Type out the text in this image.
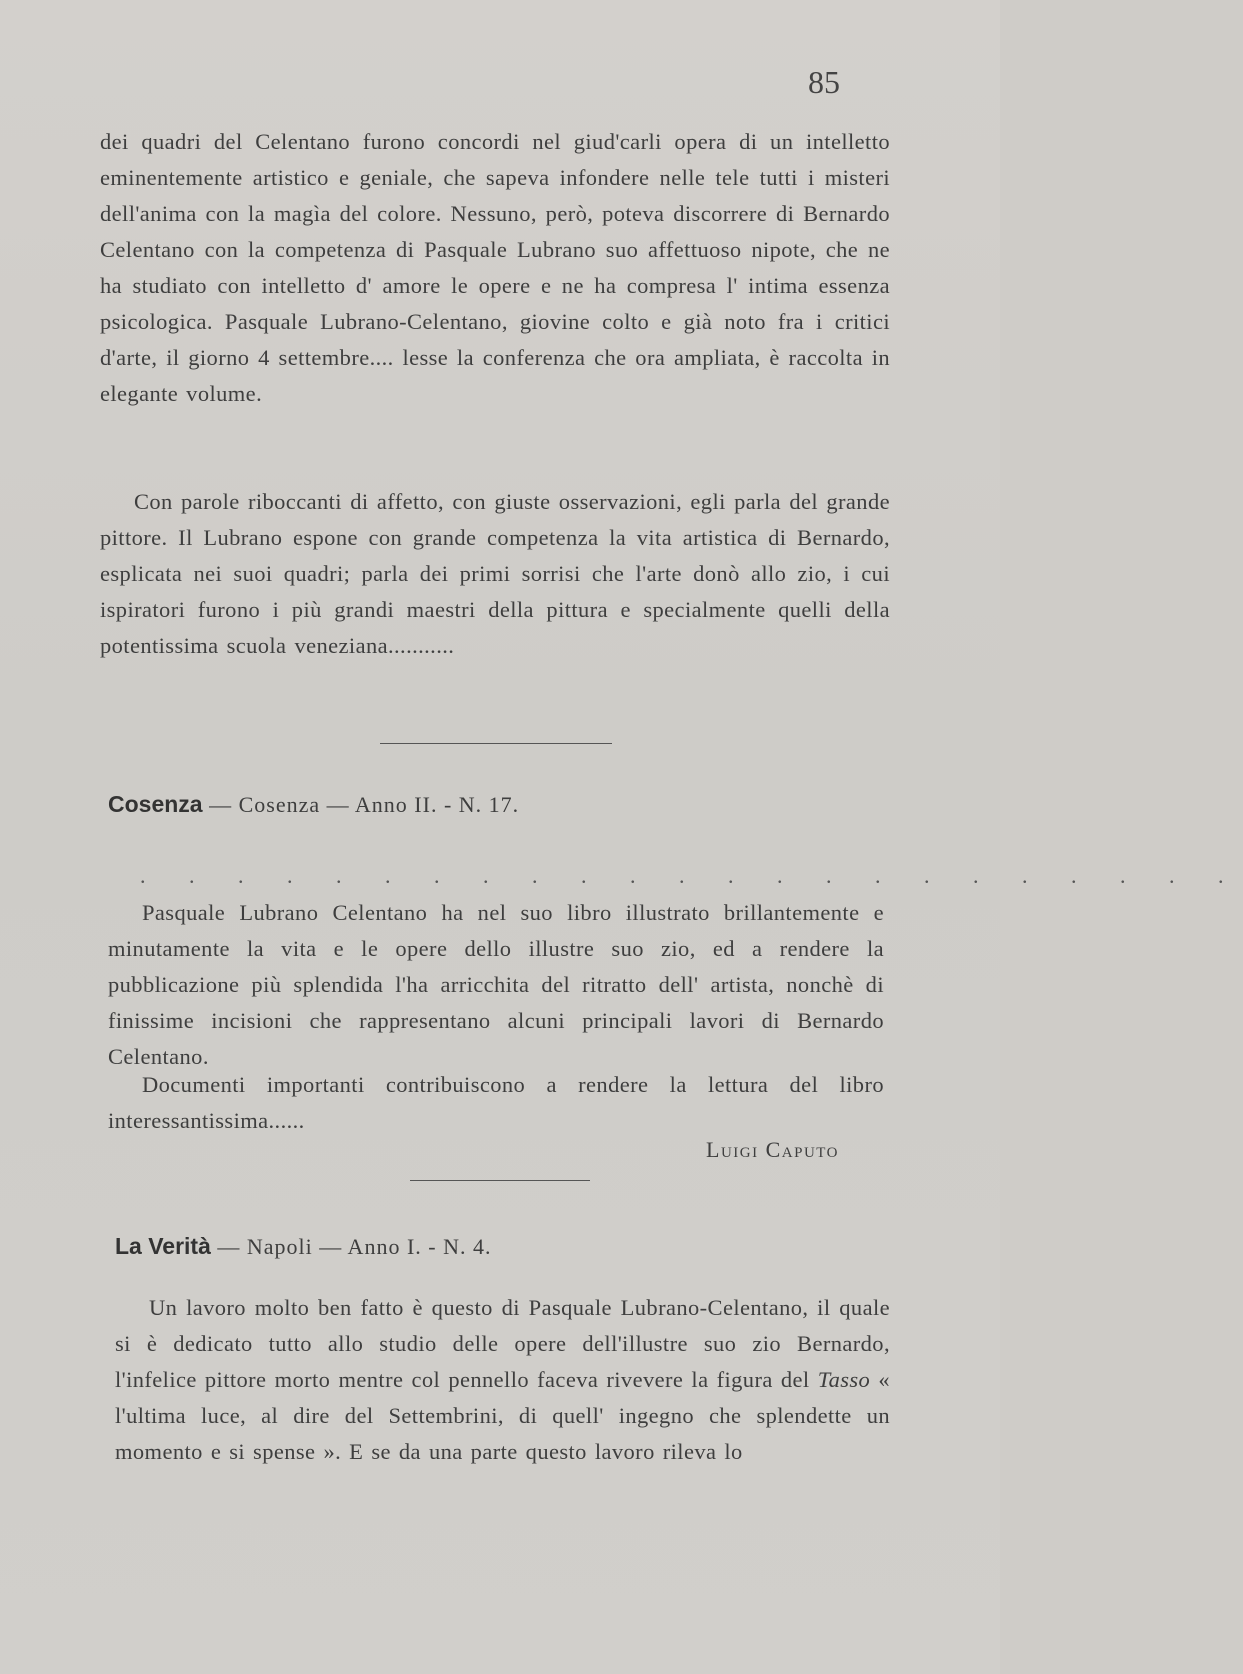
85

dei quadri del Celentano furono concordi nel giud'carli opera di un intelletto eminentemente artistico e geniale, che sapeva infondere nelle tele tutti i misteri dell'anima con la magìa del colore. Nessuno, però, poteva discorrere di Bernardo Celentano con la competenza di Pasquale Lubrano suo affettuoso nipote, che ne ha studiato con intelletto d' amore le opere e ne ha compresa l' intima essenza psicologica. Pasquale Lubrano-Celentano, giovine colto e già noto fra i critici d'arte, il giorno 4 settembre.... lesse la conferenza che ora ampliata, è raccolta in elegante volume.

Con parole riboccanti di affetto, con giuste osservazioni, egli parla del grande pittore. Il Lubrano espone con grande competenza la vita artistica di Bernardo, esplicata nei suoi quadri; parla dei primi sorrisi che l'arte donò allo zio, i cui ispiratori furono i più grandi maestri della pittura e specialmente quelli della potentissima scuola veneziana...........

Cosenza — Cosenza — Anno II. - N. 17.
. . . . . . . . . . . . . . . . . . . . . . .

Pasquale Lubrano Celentano ha nel suo libro illustrato brillantemente e minutamente la vita e le opere dello illustre suo zio, ed a rendere la pubblicazione più splendida l'ha arricchita del ritratto dell' artista, nonchè di finissime incisioni che rappresentano alcuni principali lavori di Bernardo Celentano.

Documenti importanti contribuiscono a rendere la lettura del libro interessantissima......

Luigi Caputo
La Verità — Napoli — Anno I. - N. 4.

Un lavoro molto ben fatto è questo di Pasquale Lubrano-Celentano, il quale si è dedicato tutto allo studio delle opere dell'illustre suo zio Bernardo, l'infelice pittore morto mentre col pennello faceva rivevere la figura del Tasso « l'ultima luce, al dire del Settembrini, di quell' ingegno che splendette un momento e si spense ». E se da una parte questo lavoro rileva lo
